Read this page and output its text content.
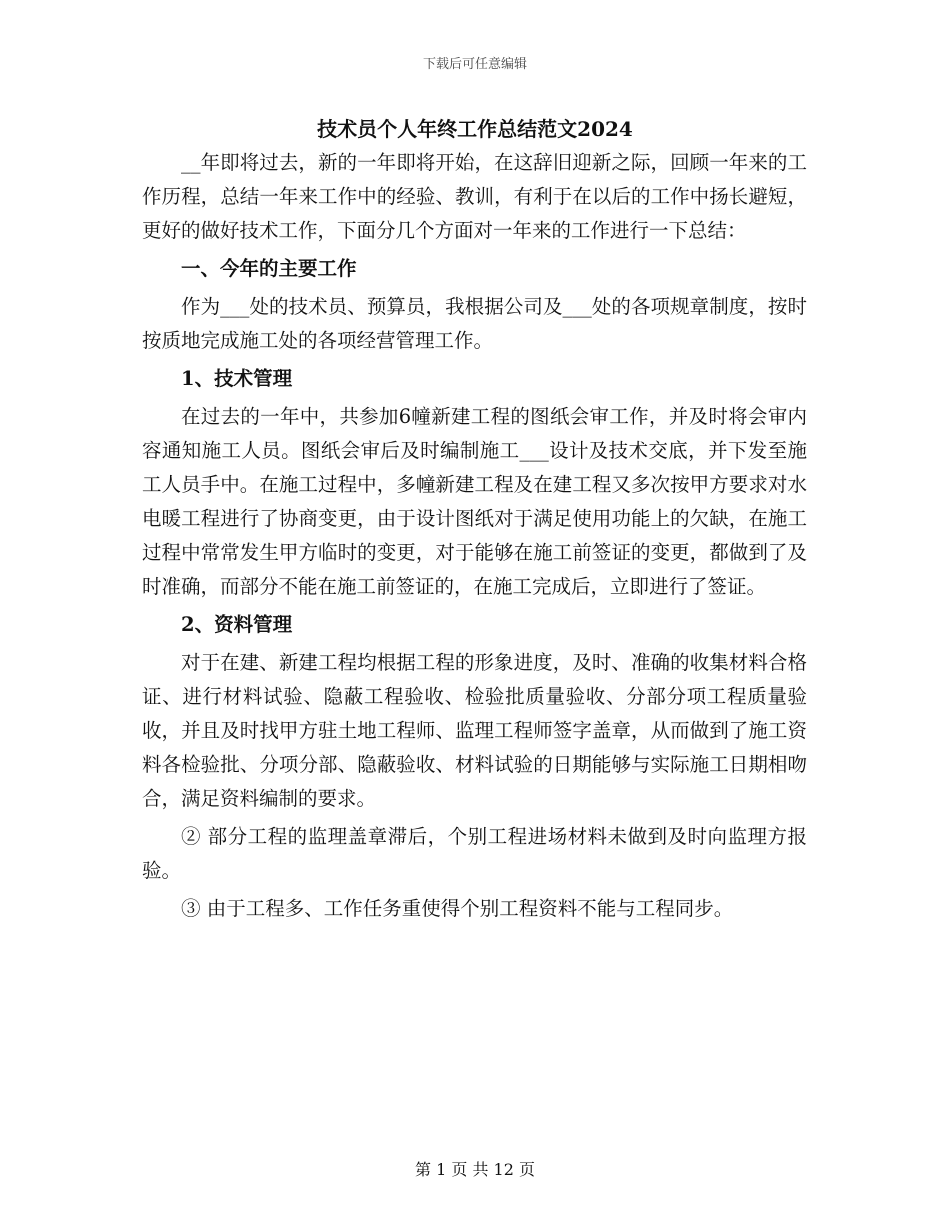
下载后可任意编辑
技术员个人年终工作总结范文2024

__年即将过去，新的一年即将开始，在这辞旧迎新之际，回顾一年来的工作历程，总结一年来工作中的经验、教训，有利于在以后的工作中扬长避短，更好的做好技术工作，下面分几个方面对一年来的工作进行一下总结：

一、今年的主要工作

作为___处的技术员、预算员，我根据公司及___处的各项规章制度，按时按质地完成施工处的各项经营管理工作。

1、技术管理

在过去的一年中，共参加6幢新建工程的图纸会审工作，并及时将会审内容通知施工人员。图纸会审后及时编制施工___设计及技术交底，并下发至施工人员手中。在施工过程中，多幢新建工程及在建工程又多次按甲方要求对水电暖工程进行了协商变更，由于设计图纸对于满足使用功能上的欠缺，在施工过程中常常发生甲方临时的变更，对于能够在施工前签证的变更，都做到了及时准确，而部分不能在施工前签证的，在施工完成后，立即进行了签证。

2、资料管理

对于在建、新建工程均根据工程的形象进度，及时、准确的收集材料合格证、进行材料试验、隐蔽工程验收、检验批质量验收、分部分项工程质量验收，并且及时找甲方驻土地工程师、监理工程师签字盖章，从而做到了施工资料各检验批、分项分部、隐蔽验收、材料试验的日期能够与实际施工日期相吻合，满足资料编制的要求。

② 部分工程的监理盖章滞后，个别工程进场材料未做到及时向监理方报验。

③ 由于工程多、工作任务重使得个别工程资料不能与工程同步。

第 1 页 共 12 页
